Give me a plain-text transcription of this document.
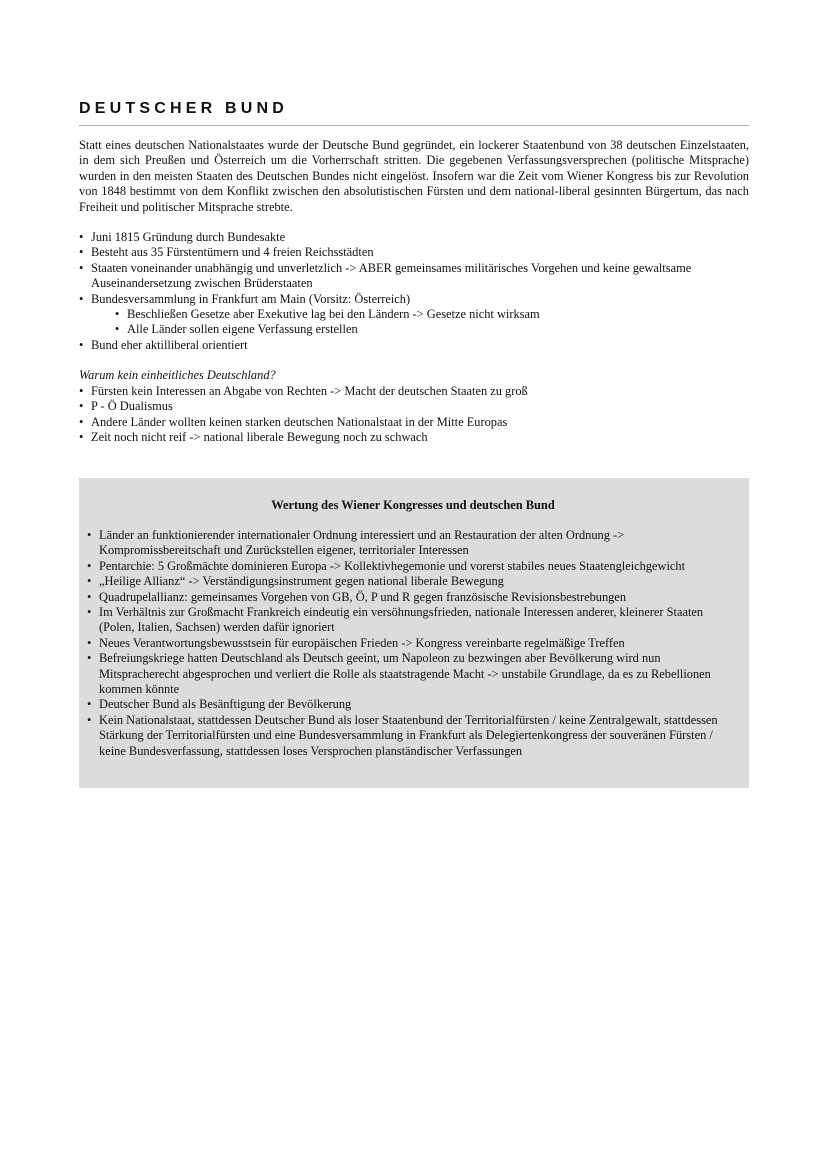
DEUTSCHER BUND

Statt eines deutschen Nationalstaates wurde der Deutsche Bund gegründet, ein lockerer Staatenbund von 38 deutschen Einzelstaaten, in dem sich Preußen und Österreich um die Vorherrschaft stritten. Die gegebenen Verfassungsversprechen (politische Mitsprache) wurden in den meisten Staaten des Deutschen Bundes nicht eingelöst. Insofern war die Zeit vom Wiener Kongress bis zur Revolution von 1848 bestimmt von dem Konflikt zwischen den absolutistischen Fürsten und dem national-liberal gesinnten Bürgertum, das nach Freiheit und politischer Mitsprache strebte.

• Juni 1815 Gründung durch Bundesakte
• Besteht aus 35 Fürstentümern und 4 freien Reichsstädten
• Staaten voneinander unabhängig und unverletzlich -> ABER gemeinsames militärisches Vorgehen und keine gewaltsame Auseinandersetzung zwischen Brüderstaaten
• Bundesversammlung in Frankfurt am Main (Vorsitz: Österreich)
• Beschließen Gesetze aber Exekutive lag bei den Ländern -> Gesetze nicht wirksam
• Alle Länder sollen eigene Verfassung erstellen
• Bund eher aktilliberal orientiert

Warum kein einheitliches Deutschland?

• Fürsten kein Interessen an Abgabe von Rechten -> Macht der deutschen Staaten zu groß
• P - Ö Dualismus
• Andere Länder wollten keinen starken deutschen Nationalstaat in der Mitte Europas
• Zeit noch nicht reif -> national liberale Bewegung noch zu schwach

Wertung des Wiener Kongresses und deutschen Bund

• Länder an funktionierender internationaler Ordnung interessiert und an Restauration der alten Ordnung -> Kompromissbereitschaft und Zurückstellen eigener, territorialer Interessen
• Pentarchie: 5 Großmächte dominieren Europa -> Kollektivhegemonie und vorerst stabiles neues Staatengleichgewicht
• „Heilige Allianz“ -> Verständigungsinstrument gegen national liberale Bewegung
• Quadrupelallianz: gemeinsames Vorgehen von GB, Ö, P und R gegen französische Revisionsbestrebungen
• Im Verhältnis zur Großmacht Frankreich eindeutig ein versöhnungsfrieden, nationale Interessen anderer, kleinerer Staaten (Polen, Italien, Sachsen) werden dafür ignoriert
• Neues Verantwortungsbewusstsein für europäischen Frieden -> Kongress vereinbarte regelmäßige Treffen
• Befreiungskriege hatten Deutschland als Deutsch geeint, um Napoleon zu bezwingen aber Bevölkerung wird nun Mitspracherecht abgesprochen und verliert die Rolle als staatstragende Macht -> unstabile Grundlage, da es zu Rebellionen kommen könnte
• Deutscher Bund als Besänftigung der Bevölkerung
• Kein Nationalstaat, stattdessen Deutscher Bund als loser Staatenbund der Territorialfürsten / keine Zentralgewalt, stattdessen Stärkung der Territorialfürsten und eine Bundesversammlung in Frankfurt als Delegiertenkongress der souveränen Fürsten / keine Bundesverfassung, stattdessen loses Versprochen planständischer Verfassungen
